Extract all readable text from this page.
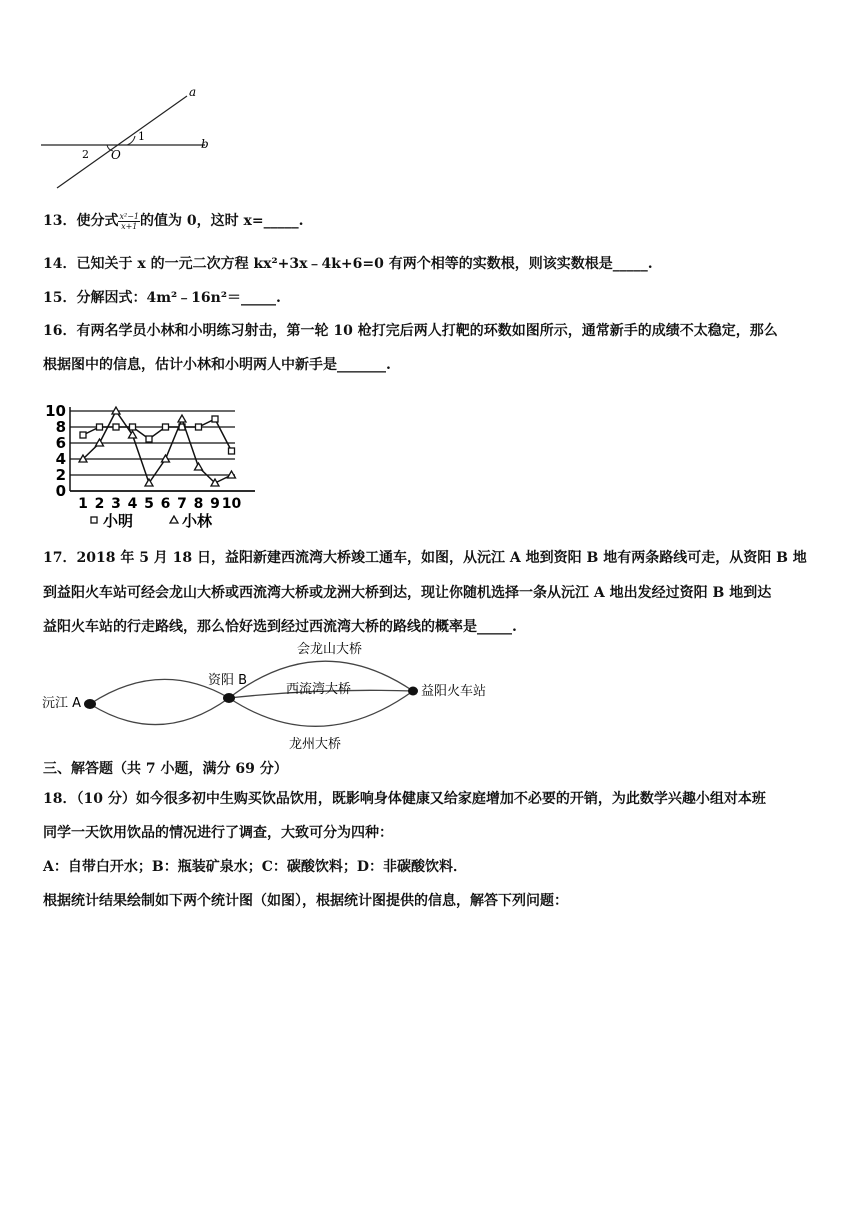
a
b
O
1
2
13．使分式 $\frac{\text{x²−1}}{x+1}$ 的值为 0，这时 x=_____.
14．已知关于 x 的一元二次方程 kx²+3x﹣4k+6=0 有两个相等的实数根，则该实数根是_____.
15．分解因式：4m²﹣16n²＝_____.
16．有两名学员小林和小明练习射击，第一轮 10 枪打完后两人打靶的环数如图所示，通常新手的成绩不太稳定，那么
根据图中的信息，估计小林和小明两人中新手是_______.
0
2
4
6
8
10
1 2 3 4 5 6 7 8 9 10
小明	小林
17．2018 年 5 月 18 日，益阳新建西流湾大桥竣工通车，如图，从沅江 A 地到资阳 B 地有两条路线可走，从资阳 B 地
到益阳火车站可经会龙山大桥或西流湾大桥或龙洲大桥到达，现让你随机选择一条从沅江 A 地出发经过资阳 B 地到达
益阳火车站的行走路线，那么恰好选到经过西流湾大桥的路线的概率是_____.
沅江 A
资阳 B
益阳火车站
会龙山大桥
西流湾大桥
龙州大桥
三、解答题（共 7 小题，满分 69 分）
18．（10 分）如今很多初中生购买饮品饮用，既影响身体健康又给家庭增加不必要的开销，为此数学兴趣小组对本班
同学一天饮用饮品的情况进行了调查，大致可分为四种：
A：自带白开水；B：瓶装矿泉水；C：碳酸饮料；D：非碳酸饮料．
根据统计结果绘制如下两个统计图（如图），根据统计图提供的信息，解答下列问题：
